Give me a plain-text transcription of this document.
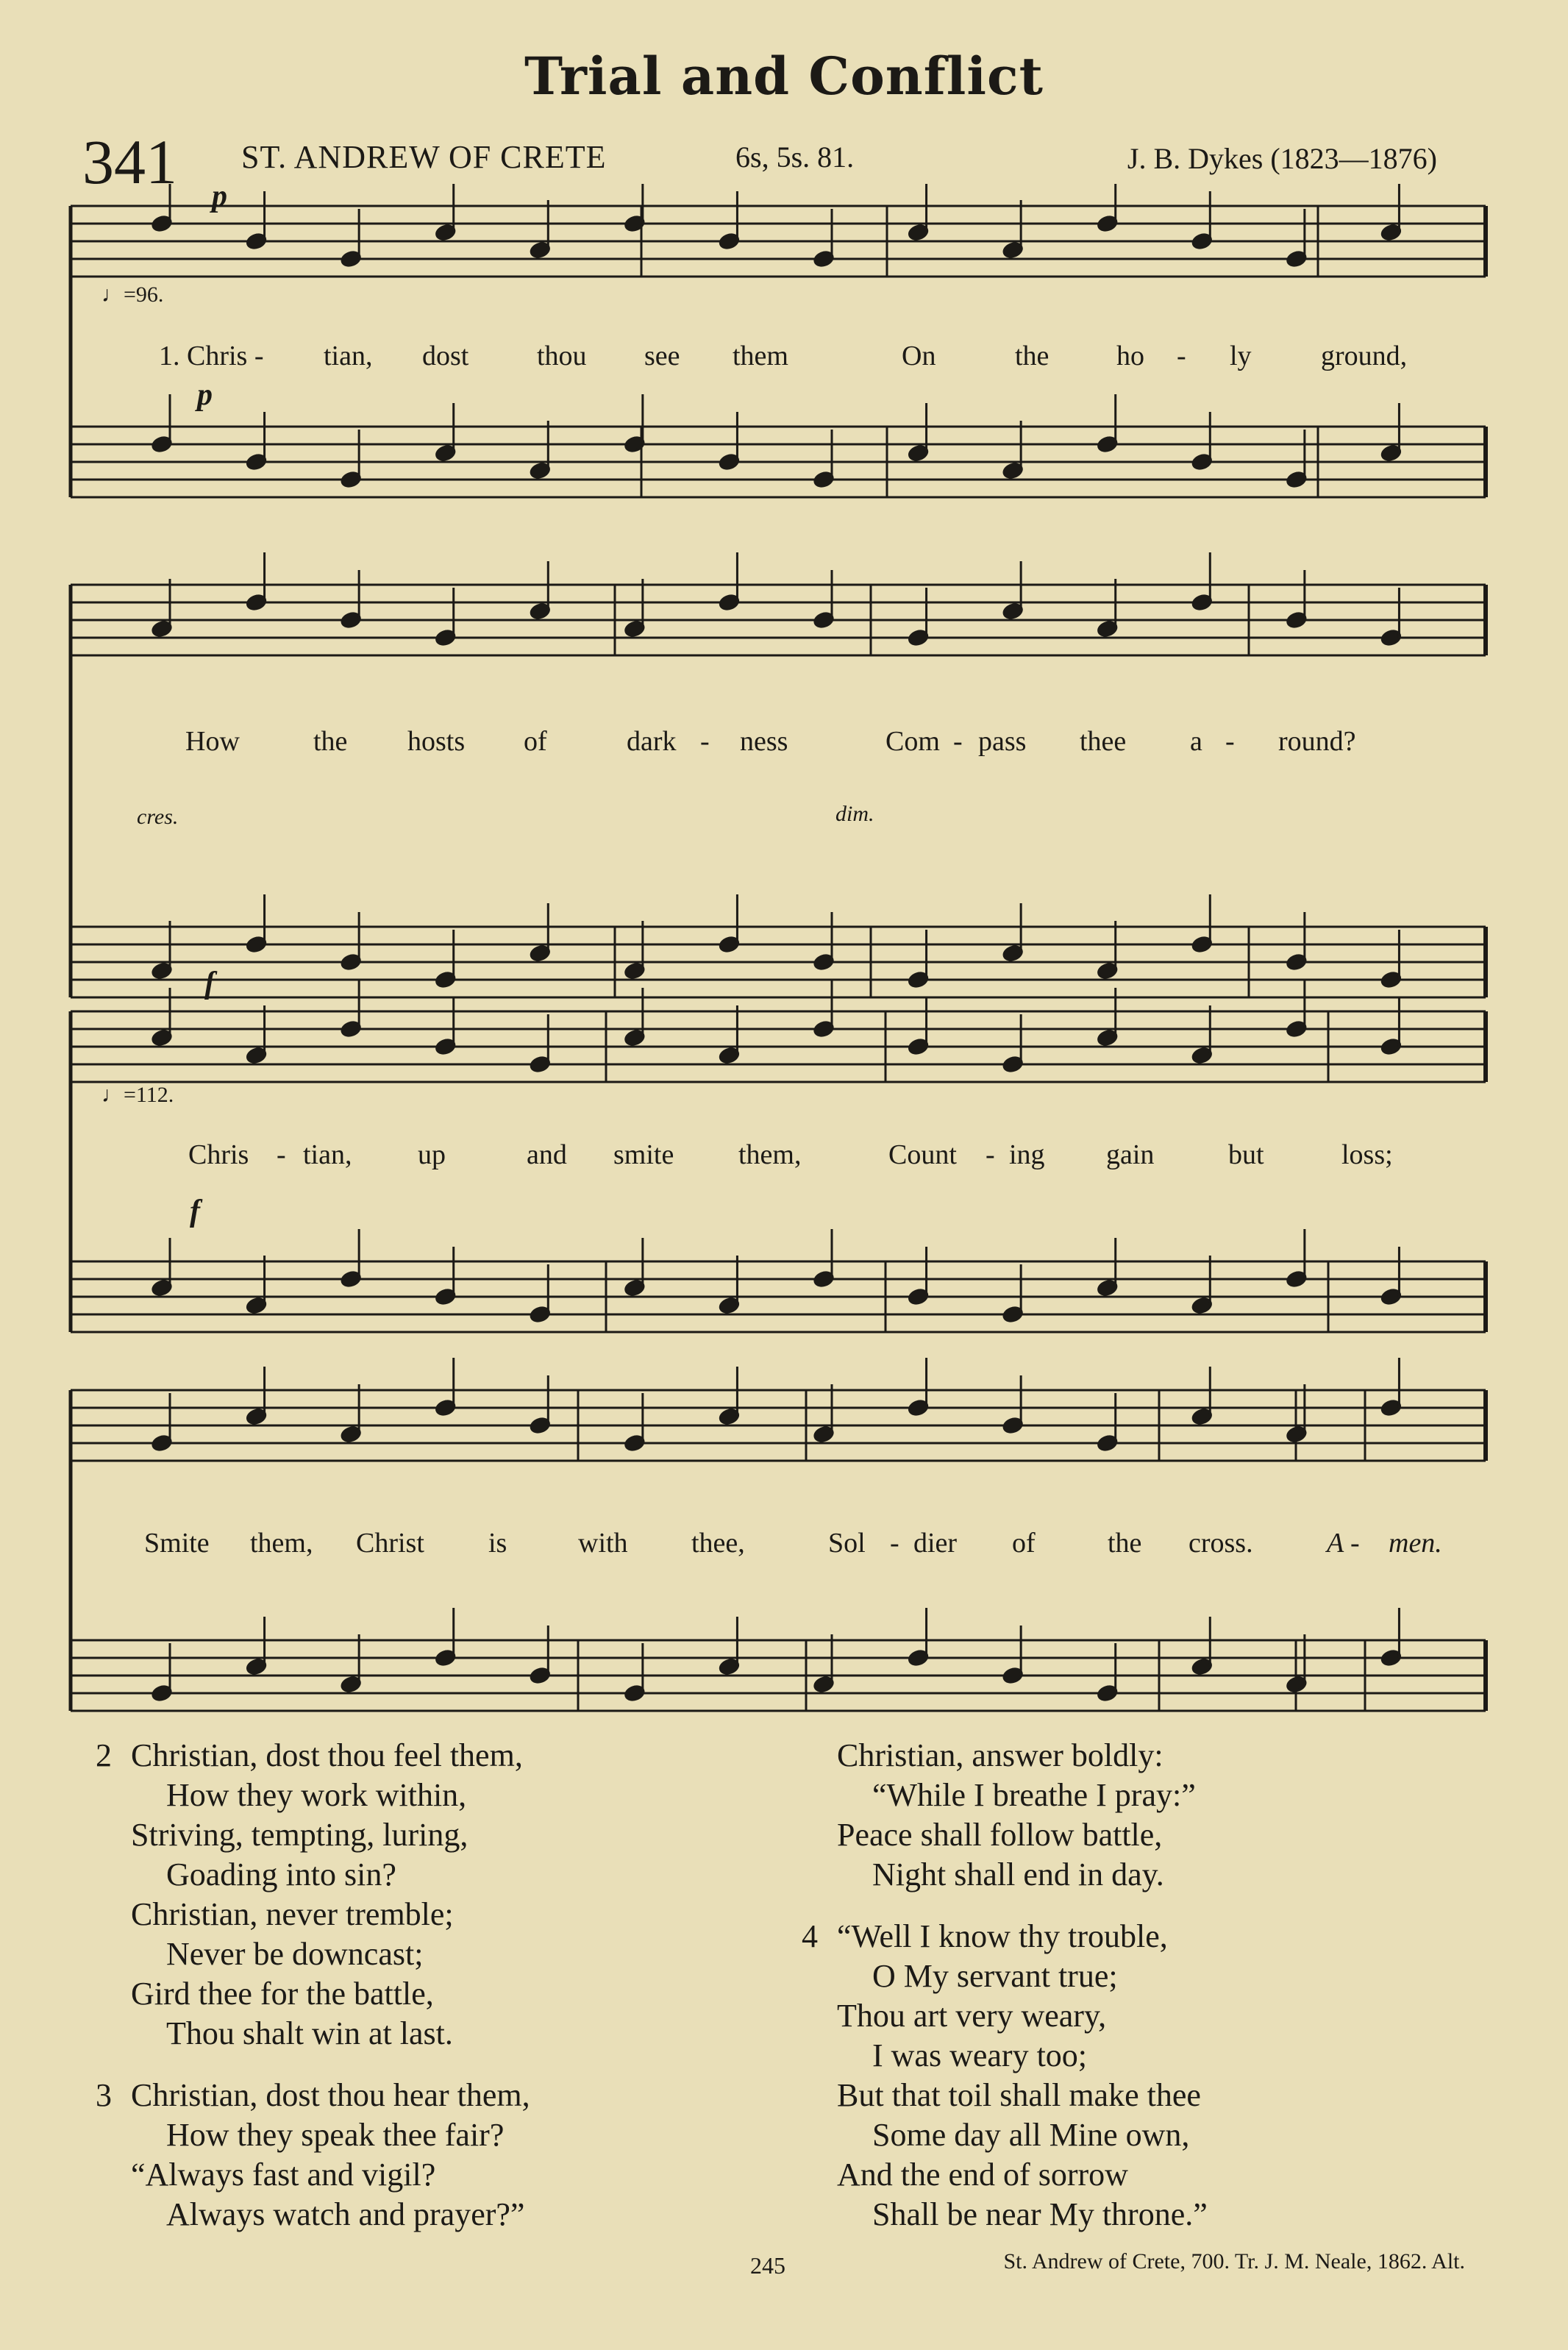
Trial and Conflict
341 ST. ANDREW OF CRETE	6s, 5s. 81.	J. B. Dykes (1823—1876)
♩=96.
p
p
cres.	dim.
f
♩=112.
f
1. Chris - tian, dost thou see them	On	the ho - ly ground,
How	the hosts of	dark - ness	Com - pass thee a - round?
Chris - tian, up	and smite them,	Count - ing gain	but	loss;
Smite them, Christ is	with thee,	Sol - dier of	the cross.	A - men.
2 Christian, dost thou feel them,
How they work within,
Striving, tempting, luring,
Goading into sin?
Christian, never tremble;
Never be downcast;
Gird thee for the battle,
Thou shalt win at last.
3 Christian, dost thou hear them,
How they speak thee fair?
“Always fast and vigil?
Always watch and prayer?”
Christian, answer boldly:
“While I breathe I pray:”
Peace shall follow battle,
Night shall end in day.
4 “Well I know thy trouble,
O My servant true;
Thou art very weary,
I was weary too;
But that toil shall make thee
Some day all Mine own,
And the end of sorrow
Shall be near My throne.”
245	St. Andrew of Crete, 700. Tr. J. M. Neale, 1862. Alt.
